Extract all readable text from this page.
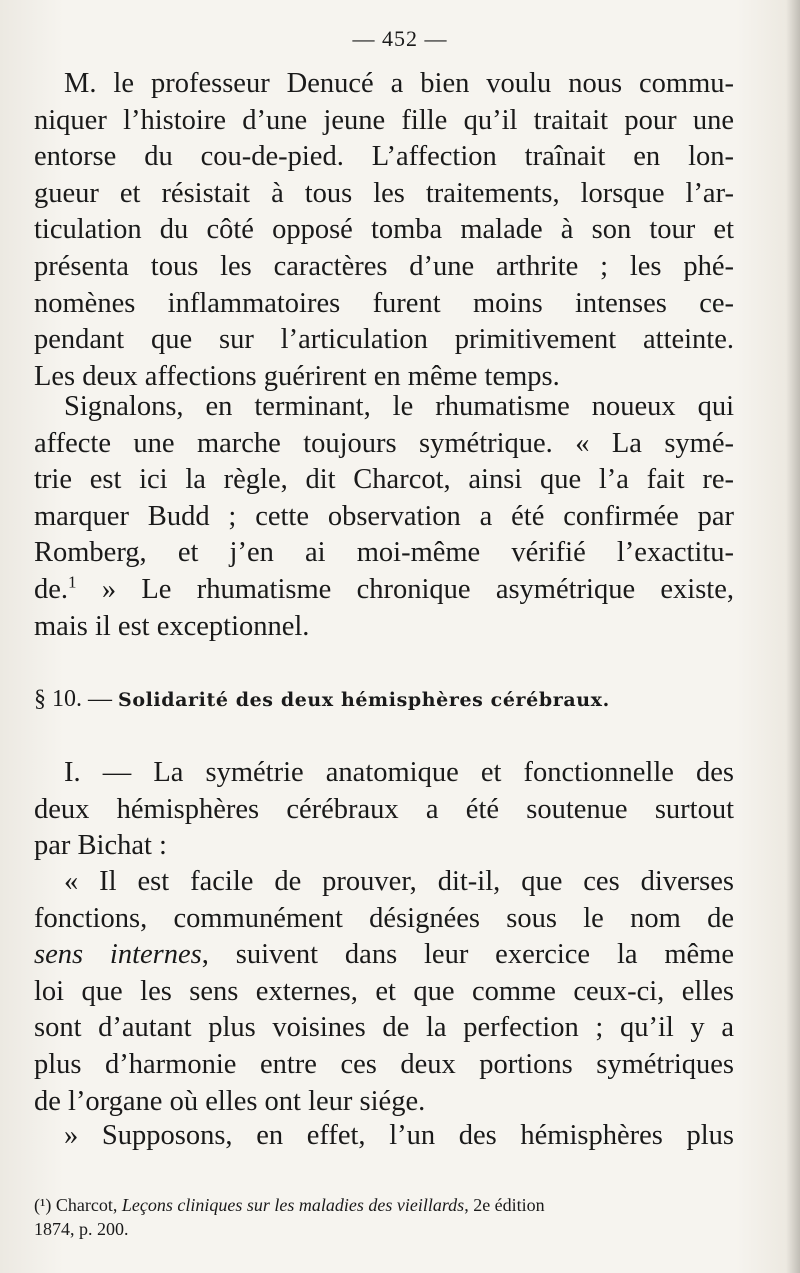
— 452 —
M. le professeur Denucé a bien voulu nous commu-
niquer l’histoire d’une jeune fille qu’il traitait pour une
entorse du cou-de-pied. L’affection traînait en lon-
gueur et résistait à tous les traitements, lorsque l’ar-
ticulation du côté opposé tomba malade à son tour et
présenta tous les caractères d’une arthrite ; les phé-
nomènes inflammatoires furent moins intenses ce-
pendant que sur l’articulation primitivement atteinte.
Les deux affections guérirent en même temps.
Signalons, en terminant, le rhumatisme noueux qui
affecte une marche toujours symétrique. « La symé-
trie est ici la règle, dit Charcot, ainsi que l’a fait re-
marquer Budd ; cette observation a été confirmée par
Romberg, et j’en ai moi-même vérifié l’exactitu-
de.$^1$ » Le rhumatisme chronique asymétrique existe,
mais il est exceptionnel.
§ 10. — Solidarité des deux hémisphères cérébraux.
I. — La symétrie anatomique et fonctionnelle des
deux hémisphères cérébraux a été soutenue surtout
par Bichat :
« Il est facile de prouver, dit-il, que ces diverses
fonctions, communément désignées sous le nom de
sens internes, suivent dans leur exercice la même
loi que les sens externes, et que comme ceux-ci, elles
sont d’autant plus voisines de la perfection ; qu’il y a
plus d’harmonie entre ces deux portions symétriques
de l’organe où elles ont leur siége.
» Supposons, en effet, l’un des hémisphères plus
(¹) Charcot, Leçons cliniques sur les maladies des vieillards, 2e édition
1874, p. 200.
